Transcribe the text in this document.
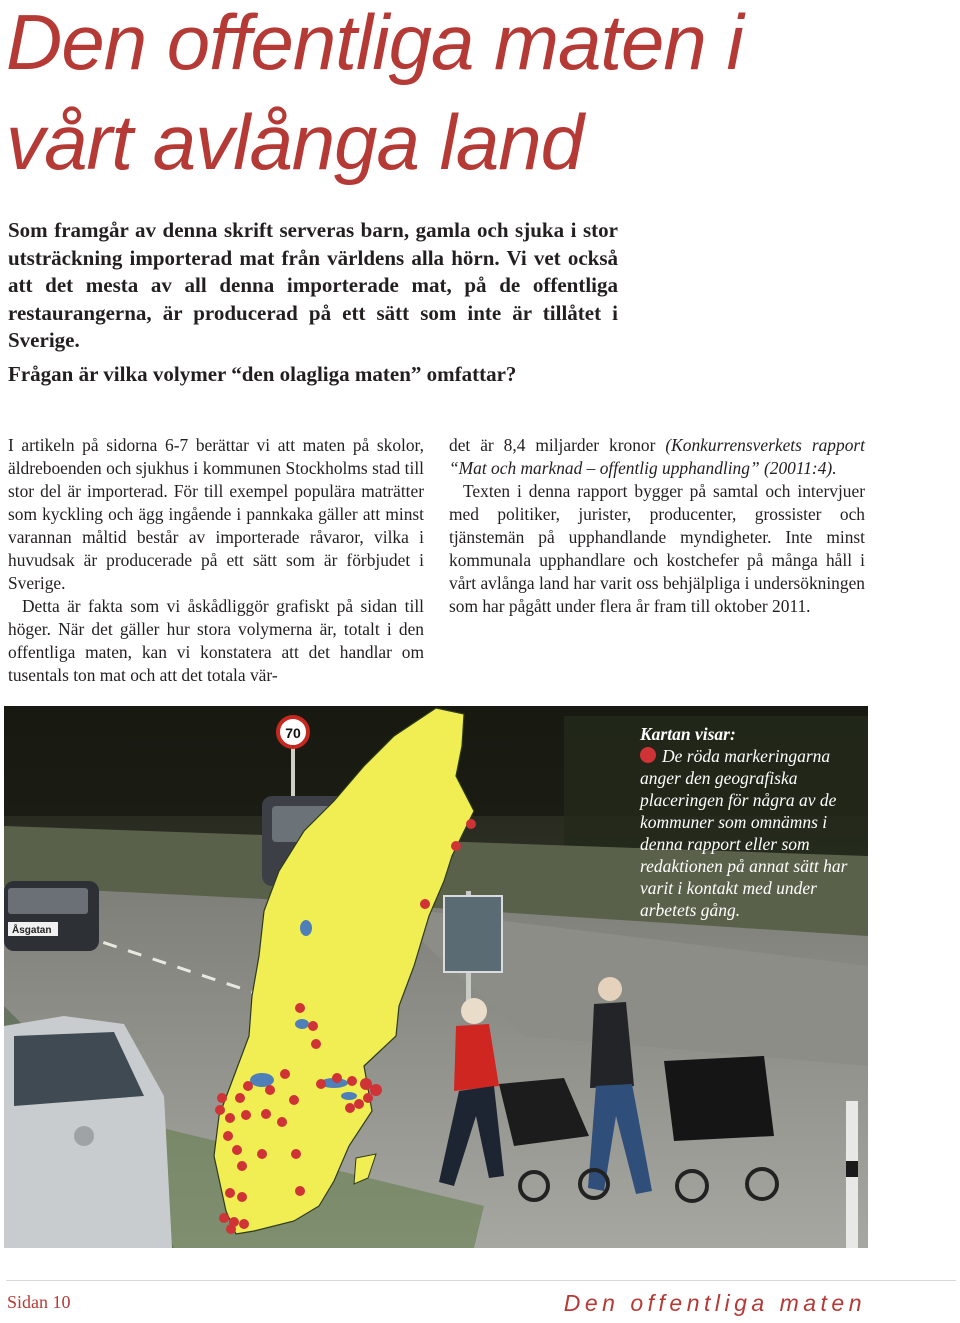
Den offentliga maten i
vårt avlånga land

Som framgår av denna skrift serveras barn, gamla och sjuka i stor utsträckning importerad mat från världens alla hörn. Vi vet också att det mesta av all denna importerade mat, på de offentliga restaurangerna, är producerad på ett sätt som inte är tillåtet i Sverige.

Frågan är vilka volymer “den olagliga maten” omfattar?

I artikeln på sidorna 6-7 berättar vi att maten på skolor, äldreboenden och sjukhus i kommunen Stockholms stad till stor del är importerad. För till exempel populära maträtter som kyckling och ägg ingående i pannkaka gäller att minst varannan måltid består av importerade råvaror, vilka i huvudsak är producerade på ett sätt som är förbjudet i Sverige.

Detta är fakta som vi åskådliggör grafiskt på sidan till höger. När det gäller hur stora volymerna är, totalt i den offentliga maten, kan vi konstatera att det handlar om tusentals ton mat och att det totala vär-

det är 8,4 miljarder kronor (Konkurrensverkets rapport “Mat och marknad – offentlig upphandling” (20011:4).

Texten i denna rapport bygger på samtal och intervjuer med politiker, jurister, producenter, grossister och tjänstemän på upphandlande myndigheter. Inte minst kommunala upphandlare och kostchefer på många håll i vårt avlånga land har varit oss behjälpliga i undersökningen som har pågått under flera år fram till oktober 2011.

70
Åsgatan
Kartan visar:
De röda markeringarna anger den geografiska placeringen för några av de kommuner som omnämns i denna rapport eller som redaktionen på annat sätt har varit i kontakt med under arbetets gång.
Sidan 10	Den offentliga maten
